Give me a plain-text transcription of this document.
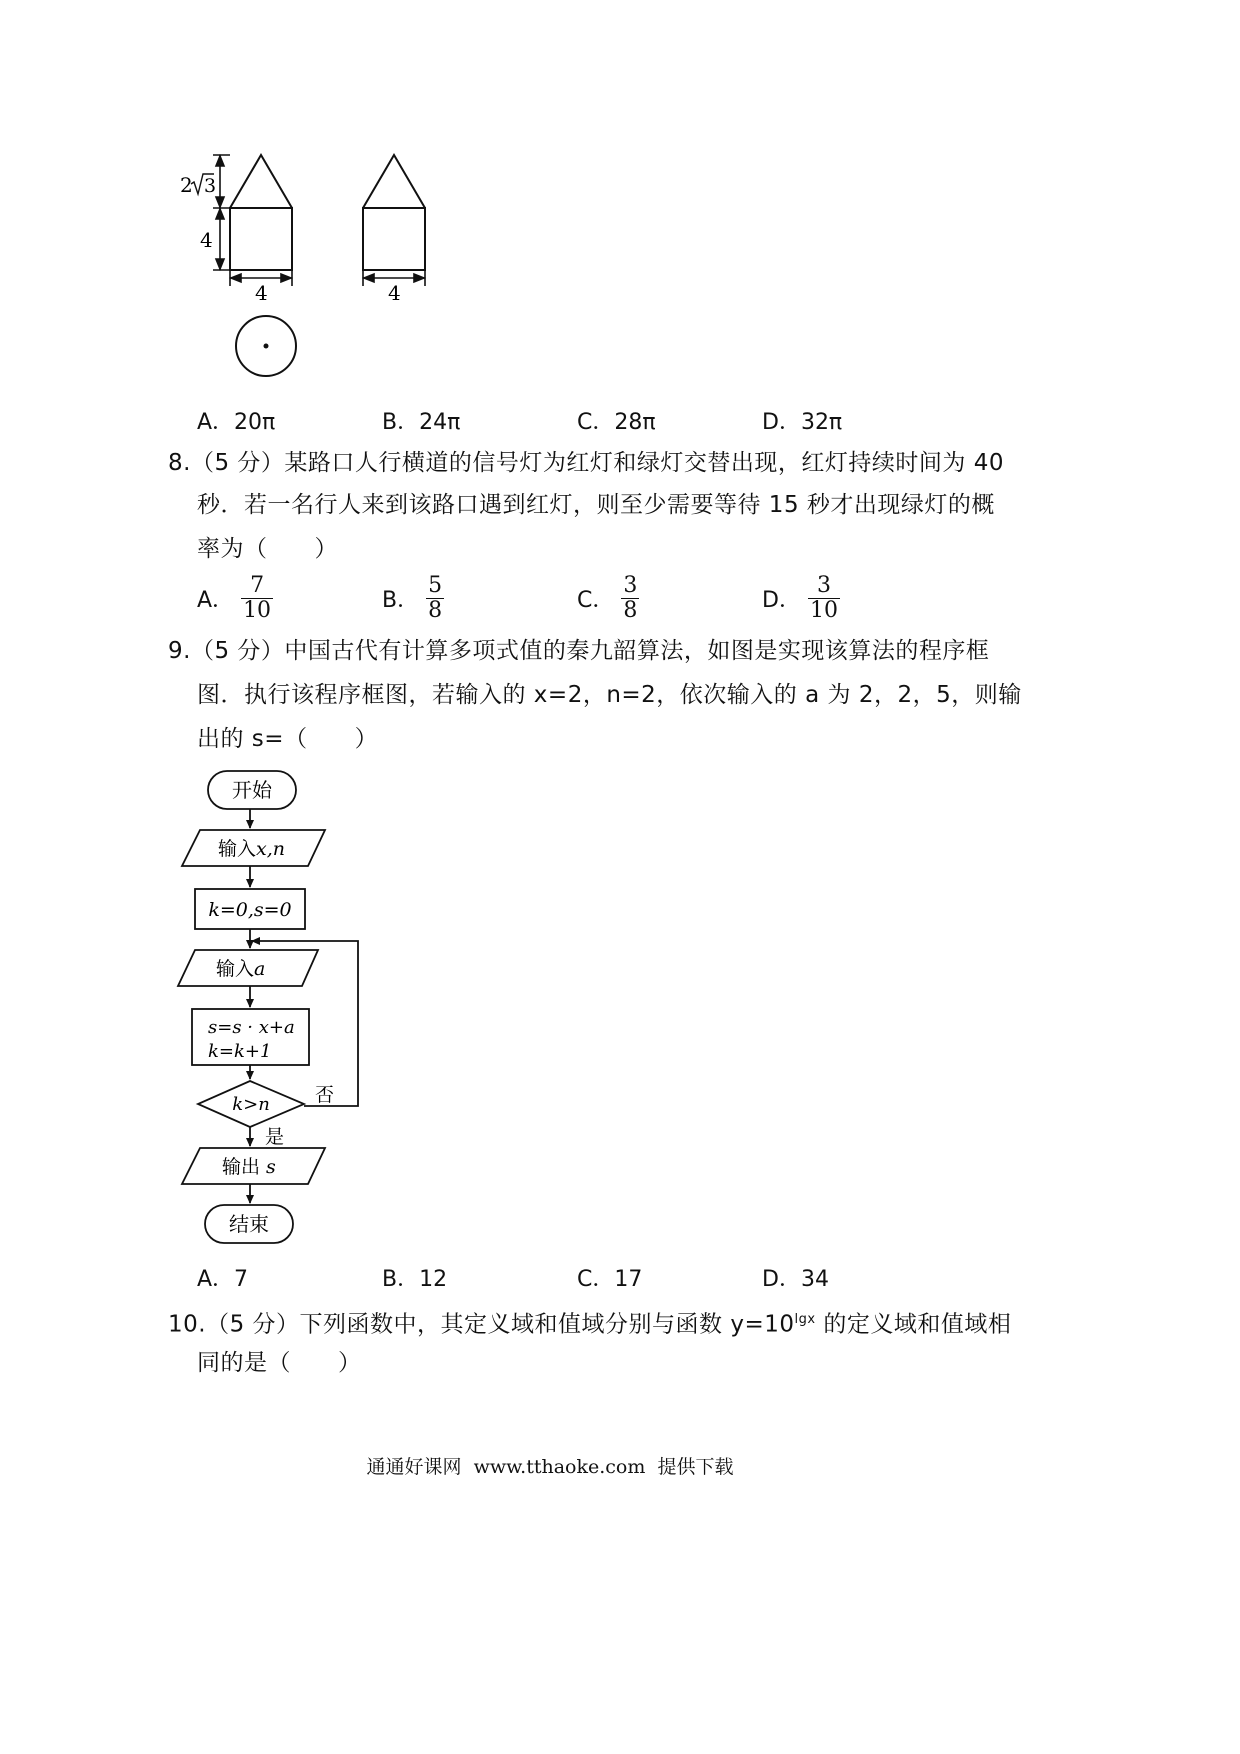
2 3
4
4	4
A．20π	B．24π	C．28π	D．32π
8.（5 分）某路口人行横道的信号灯为红灯和绿灯交替出现，红灯持续时间为 40
秒．若一名行人来到该路口遇到红灯，则至少需要等待 15 秒才出现绿灯的概
率为（　　）
A． $\frac{7}{10}$	B． $\frac{5}{8}$	C． $\frac{3}{8}$	D． $\frac{3}{10}$
9.（5 分）中国古代有计算多项式值的秦九韶算法，如图是实现该算法的程序框
图．执行该程序框图，若输入的 x=2，n=2，依次输入的 a 为 2，2，5，则输
出的 s=（　　）
开始
输入x,n
k=0,s=0
输入a
s=s · x+a
k=k+1
k>n 否
是
输出 s
结束
A．7	B．12	C．17	D．34
10.（5 分）下列函数中，其定义域和值域分别与函数 $y=10^{lgx}$ 的定义域和值域相
同的是（　　）
通通好课网  www.tthaoke.com  提供下载
